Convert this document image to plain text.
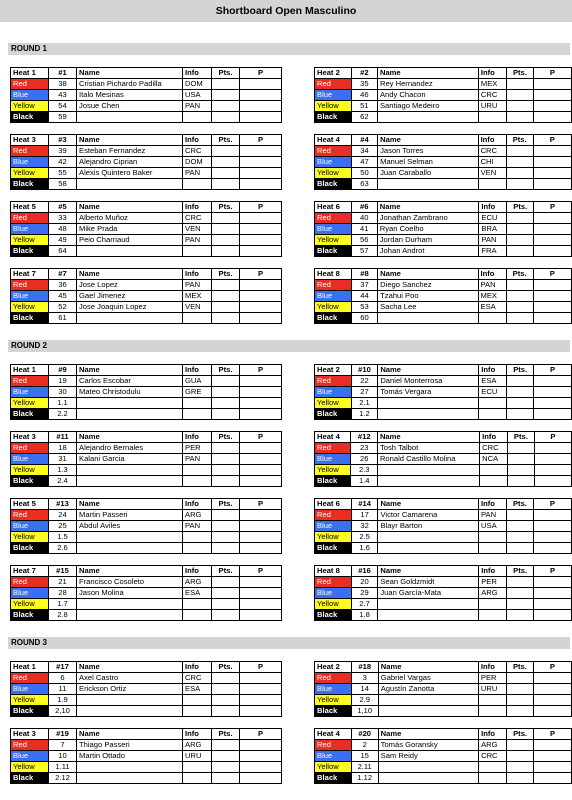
Shortboard Open Masculino
ROUND 1
Heat 1	#1	Name	Info	Pts.	P
Red	38	Cristian Pichardo Padilla	DOM		
Blue	43	Italo Mesinas	USA		
Yellow	54	Josue Chen	PAN		
Black	59				
Heat 2	#2	Name	Info	Pts.	P
Red	35	Rey Hernandez	MEX		
Blue	46	Andy Chacon	CRC		
Yellow	51	Santiago Medeiro	URU		
Black	62				
Heat 3	#3	Name	Info	Pts.	P
Red	39	Esteban Fernandez	CRC		
Blue	42	Alejandro Ciprian	DOM		
Yellow	55	Alexis Quintero Baker	PAN		
Black	58				
Heat 4	#4	Name	Info	Pts.	P
Red	34	Jason Torres	CRC		
Blue	47	Manuel Selman	CHI		
Yellow	50	Juan Caraballo	VEN		
Black	63				
Heat 5	#5	Name	Info	Pts.	P
Red	33	Alberto Muñoz	CRC		
Blue	48	Mike Prada	VEN		
Yellow	49	Peio Charriaud	PAN		
Black	64				
Heat 6	#6	Name	Info	Pts.	P
Red	40	Jonathan Zambrano	ECU		
Blue	41	Ryan Coelho	BRA		
Yellow	56	Jordan Durham	PAN		
Black	57	Johan Androt	FRA		
Heat 7	#7	Name	Info	Pts.	P
Red	36	Jose Lopez	PAN		
Blue	45	Gael Jimenez	MEX		
Yellow	52	Jose Joaquin Lopez	VEN		
Black	61				
Heat 8	#8	Name	Info	Pts.	P
Red	37	Diego Sanchez	PAN		
Blue	44	Tzahui Poo	MEX		
Yellow	53	Sacha Lee	ESA		
Black	60				
ROUND 2
Heat 1	#9	Name	Info	Pts.	P
Red	19	Carlos Escobar	GUA		
Blue	30	Mateo Christodulu	GRE		
Yellow	1.1				
Black	2.2				
Heat 2	#10	Name	Info	Pts.	P
Red	22	Daniel Monterrosa	ESA		
Blue	27	Tomás Vergara	ECU		
Yellow	2.1				
Black	1.2				
Heat 3	#11	Name	Info	Pts.	P
Red	18	Alejandro Bernales	PER		
Blue	31	Kalani Garcia	PAN		
Yellow	1.3				
Black	2.4				
Heat 4	#12	Name	Info	Pts.	P
Red	23	Tosh Talbot	CRC		
Blue	26	Ronald Castillo Molina	NCA		
Yellow	2.3				
Black	1.4				
Heat 5	#13	Name	Info	Pts.	P
Red	24	Martin Passeri	ARG		
Blue	25	Abdul Aviles	PAN		
Yellow	1.5				
Black	2.6				
Heat 6	#14	Name	Info	Pts.	P
Red	17	Victor Camarena	PAN		
Blue	32	Blayr Barton	USA		
Yellow	2.5				
Black	1.6				
Heat 7	#15	Name	Info	Pts.	P
Red	21	Francisco Cosoleto	ARG		
Blue	28	Jason Molina	ESA		
Yellow	1.7				
Black	2.8				
Heat 8	#16	Name	Info	Pts.	P
Red	20	Sean Goldzmidt	PER		
Blue	29	Juan García-Mata	ARG		
Yellow	2.7				
Black	1.8				
ROUND 3
Heat 1	#17	Name	Info	Pts.	P
Red	6	Axel Castro	CRC		
Blue	11	Erickson Ortiz	ESA		
Yellow	1.9				
Black	2,10				
Heat 2	#18	Name	Info	Pts.	P
Red	3	Gabriel Vargas	PER		
Blue	14	Agustín Zanotta	URU		
Yellow	2.9				
Black	1,10				
Heat 3	#19	Name	Info	Pts.	P
Red	7	Thiago Passeri	ARG		
Blue	10	Martin Ottado	URU		
Yellow	1.11				
Black	2.12				
Heat 4	#20	Name	Info	Pts.	P
Red	2	Tomás Goransky	ARG		
Blue	15	Sam Reidy	CRC		
Yellow	2.11				
Black	1.12				
